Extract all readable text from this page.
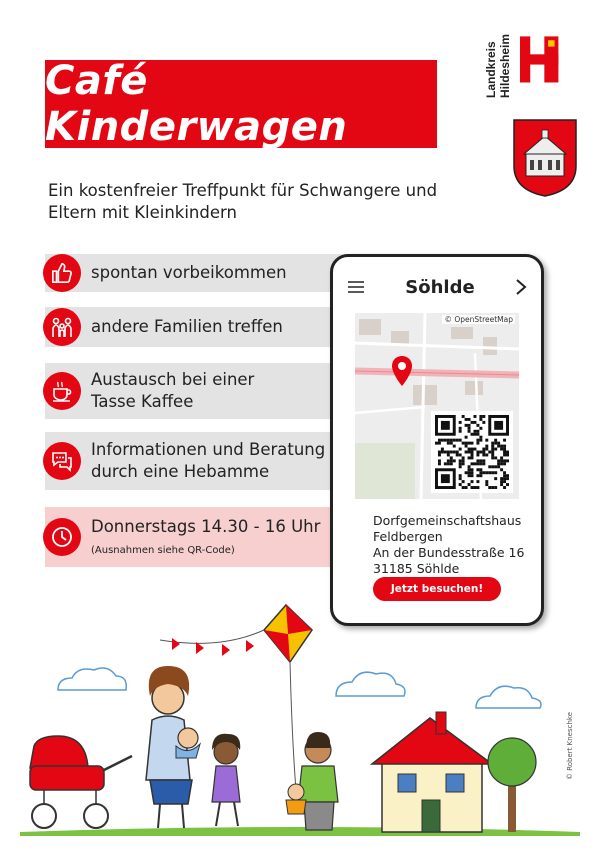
Café Kinderwagen
Landkreis Hildesheim
Ein kostenfreier Treffpunkt für Schwangere und Eltern mit Kleinkindern
spontan vorbeikommen
andere Familien treffen
Austausch bei einer Tasse Kaffee
Informationen und Beratung durch eine Hebamme
Donnerstags 14.30 - 16 Uhr
(Ausnahmen siehe QR-Code)
Söhlde
© OpenStreetMap
Dorfgemeinschaftshaus
Feldbergen
An der Bundesstraße 16
31185 Söhlde
Jetzt besuchen!
© Robert Kneschke
